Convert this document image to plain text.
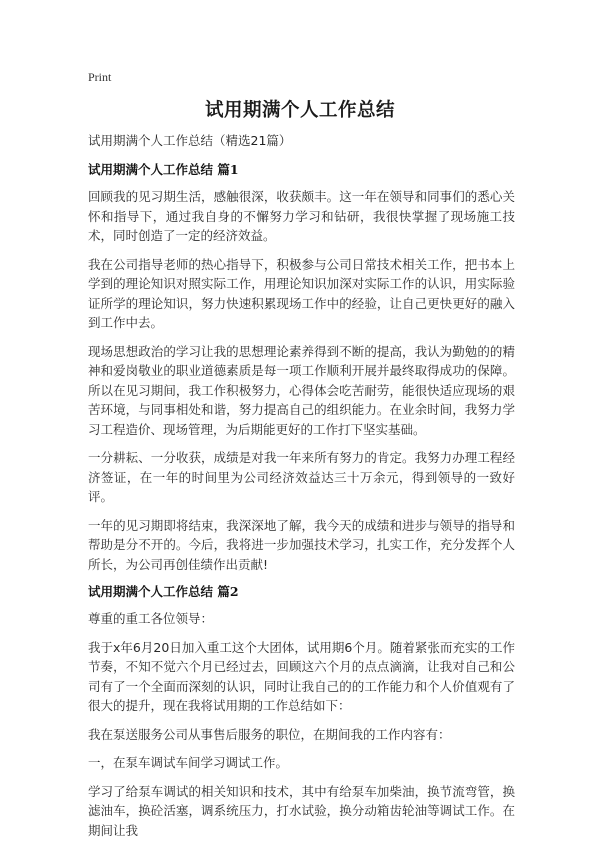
Print
试用期满个人工作总结
试用期满个人工作总结（精选21篇）
试用期满个人工作总结 篇1

回顾我的见习期生活，感触很深，收获颇丰。这一年在领导和同事们的悉心关怀和指导下，通过我自身的不懈努力学习和钻研，我很快掌握了现场施工技术，同时创造了一定的经济效益。

我在公司指导老师的热心指导下，积极参与公司日常技术相关工作，把书本上学到的理论知识对照实际工作，用理论知识加深对实际工作的认识，用实际验证所学的理论知识，努力快速积累现场工作中的经验，让自己更快更好的融入到工作中去。

现场思想政治的学习让我的思想理论素养得到不断的提高，我认为勤勉的的精神和爱岗敬业的职业道德素质是每一项工作顺利开展并最终取得成功的保障。所以在见习期间，我工作积极努力，心得体会吃苦耐劳，能很快适应现场的艰苦环境，与同事相处和谐，努力提高自己的组织能力。在业余时间，我努力学习工程造价、现场管理，为后期能更好的工作打下坚实基础。

一分耕耘、一分收获，成绩是对我一年来所有努力的肯定。我努力办理工程经济签证，在一年的时间里为公司经济效益达三十万余元，得到领导的一致好评。

一年的见习期即将结束，我深深地了解，我今天的成绩和进步与领导的指导和帮助是分不开的。今后，我将进一步加强技术学习，扎实工作，充分发挥个人所长，为公司再创佳绩作出贡献!

试用期满个人工作总结 篇2

尊重的重工各位领导：

我于x年6月20日加入重工这个大团体，试用期6个月。随着紧张而充实的工作节奏，不知不觉六个月已经过去，回顾这六个月的点点滴滴，让我对自己和公司有了一个全面而深刻的认识，同时让我自己的的工作能力和个人价值观有了很大的提升，现在我将试用期的工作总结如下：

我在泵送服务公司从事售后服务的职位，在期间我的工作内容有：

一，在泵车调试车间学习调试工作。

学习了给泵车调试的相关知识和技术，其中有给泵车加柴油，换节流弯管，换滤油车，换砼活塞，调系统压力，打水试验，换分动箱齿轮油等调试工作。在期间让我
